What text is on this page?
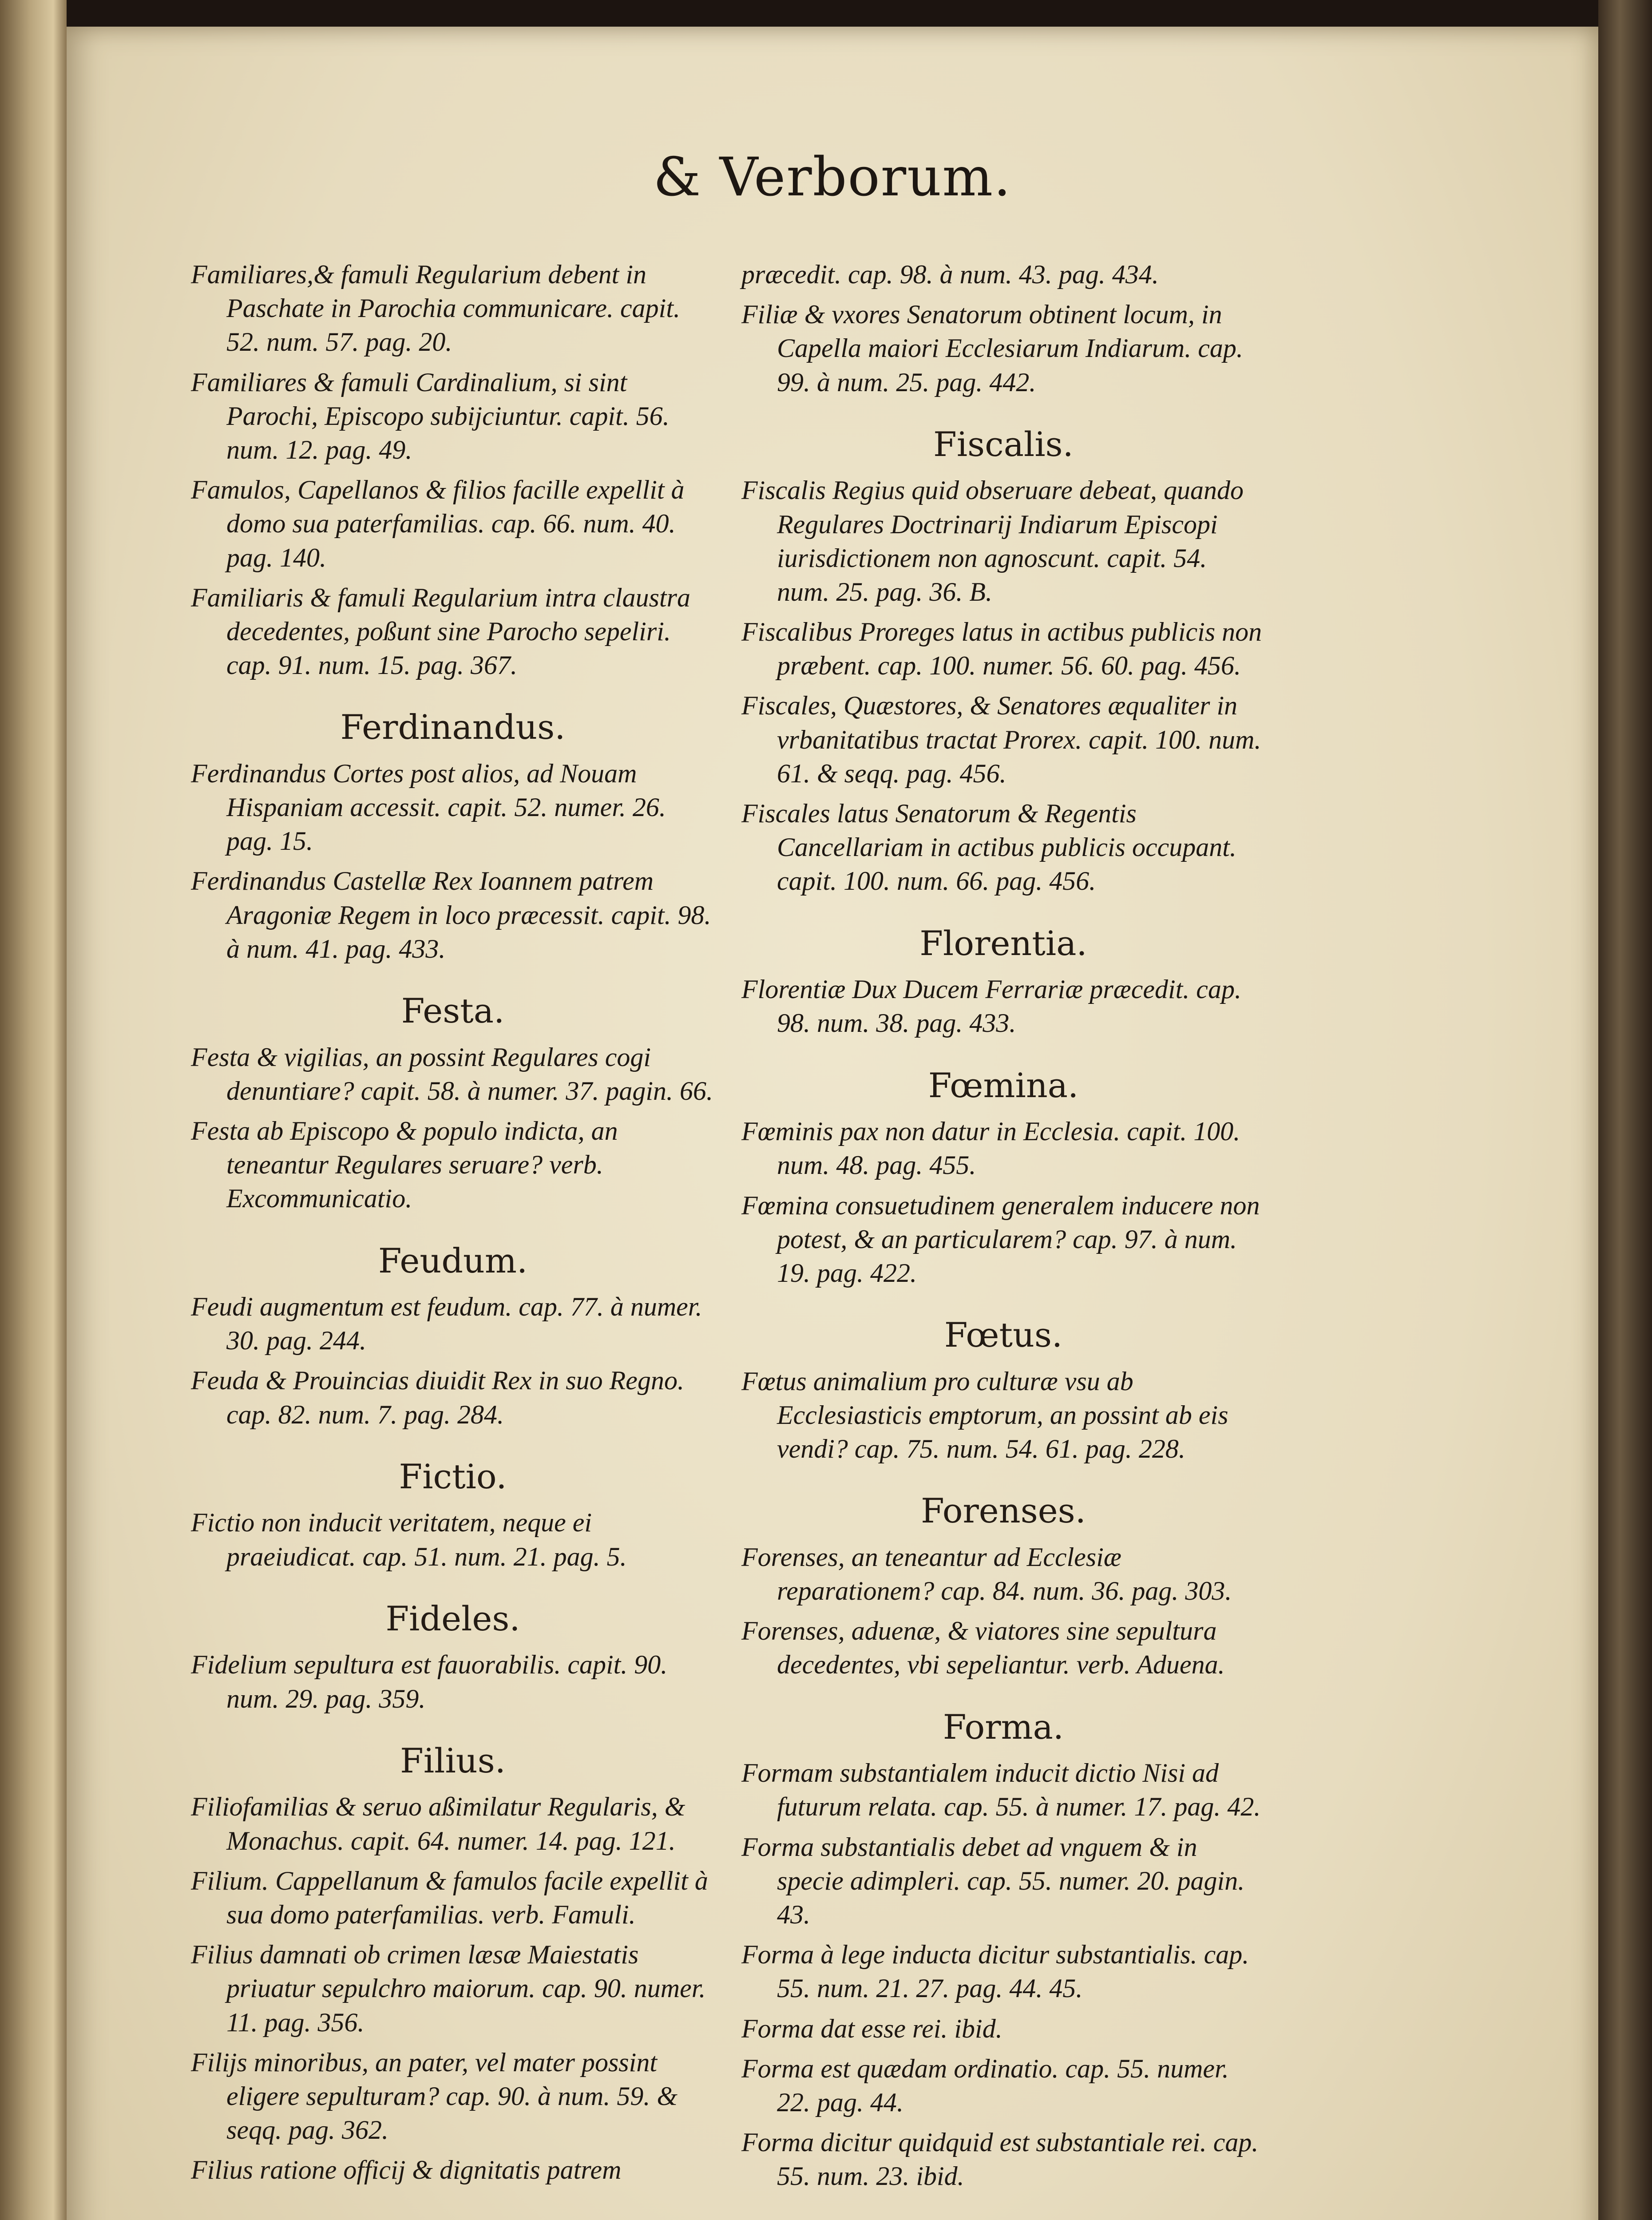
& Verborum.
Familiares,& famuli Regularium debent in Paschate in Parochia communicare. capit. 52. num. 57. pag. 20.
Familiares & famuli Cardinalium, si sint Parochi, Episcopo subijciuntur. capit. 56. num. 12. pag. 49.
Famulos, Capellanos & filios facille expellit à domo sua paterfamilias. cap. 66. num. 40. pag. 140.
Familiaris & famuli Regularium intra claustra decedentes, poßunt sine Parocho sepeliri. cap. 91. num. 15. pag. 367.
Ferdinandus.
Ferdinandus Cortes post alios, ad Nouam Hispaniam accessit. capit. 52. numer. 26. pag. 15.
Ferdinandus Castellæ Rex Ioannem patrem Aragoniæ Regem in loco præcessit. capit. 98. à num. 41. pag. 433.
Festa.
Festa & vigilias, an possint Regulares cogi denuntiare? capit. 58. à numer. 37. pagin. 66.
Festa ab Episcopo & populo indicta, an teneantur Regulares seruare? verb. Excommunicatio.
Feudum.
Feudi augmentum est feudum. cap. 77. à numer. 30. pag. 244.
Feuda & Prouincias diuidit Rex in suo Regno. cap. 82. num. 7. pag. 284.
Fictio.
Fictio non inducit veritatem, neque ei praeiudicat. cap. 51. num. 21. pag. 5.
Fideles.
Fidelium sepultura est fauorabilis. capit. 90. num. 29. pag. 359.
Filius.
Filiofamilias & seruo aßimilatur Regularis, & Monachus. capit. 64. numer. 14. pag. 121.
Filium. Cappellanum & famulos facile expellit à sua domo paterfamilias. verb. Famuli.
Filius damnati ob crimen læsæ Maiestatis priuatur sepulchro maiorum. cap. 90. numer. 11. pag. 356.
Filijs minoribus, an pater, vel mater possint eligere sepulturam? cap. 90. à num. 59. & seqq. pag. 362.
Filius ratione officij & dignitatis patrem
præcedit. cap. 98. à num. 43. pag. 434.
Filiæ & vxores Senatorum obtinent locum, in Capella maiori Ecclesiarum Indiarum. cap. 99. à num. 25. pag. 442.
Fiscalis.
Fiscalis Regius quid obseruare debeat, quando Regulares Doctrinarij Indiarum Episcopi iurisdictionem non agnoscunt. capit. 54. num. 25. pag. 36. B.
Fiscalibus Proreges latus in actibus publicis non præbent. cap. 100. numer. 56. 60. pag. 456.
Fiscales, Quæstores, & Senatores æqualiter in vrbanitatibus tractat Prorex. capit. 100. num. 61. & seqq. pag. 456.
Fiscales latus Senatorum & Regentis Cancellariam in actibus publicis occupant. capit. 100. num. 66. pag. 456.
Florentia.
Florentiæ Dux Ducem Ferrariæ præcedit. cap. 98. num. 38. pag. 433.
Fœmina.
Fœminis pax non datur in Ecclesia. capit. 100. num. 48. pag. 455.
Fœmina consuetudinem generalem inducere non potest, & an particularem? cap. 97. à num. 19. pag. 422.
Fœtus.
Fœtus animalium pro culturæ vsu ab Ecclesiasticis emptorum, an possint ab eis vendi? cap. 75. num. 54. 61. pag. 228.
Forenses.
Forenses, an teneantur ad Ecclesiæ reparationem? cap. 84. num. 36. pag. 303.
Forenses, aduenæ, & viatores sine sepultura decedentes, vbi sepeliantur. verb. Aduena.
Forma.
Formam substantialem inducit dictio Nisi ad futurum relata. cap. 55. à numer. 17. pag. 42.
Forma substantialis debet ad vnguem & in specie adimpleri. cap. 55. numer. 20. pagin. 43.
Forma à lege inducta dicitur substantialis. cap. 55. num. 21. 27. pag. 44. 45.
Forma dat esse rei. ibid.
Forma est quædam ordinatio. cap. 55. numer. 22. pag. 44.
Forma dicitur quidquid est substantiale rei. cap. 55. num. 23. ibid.
